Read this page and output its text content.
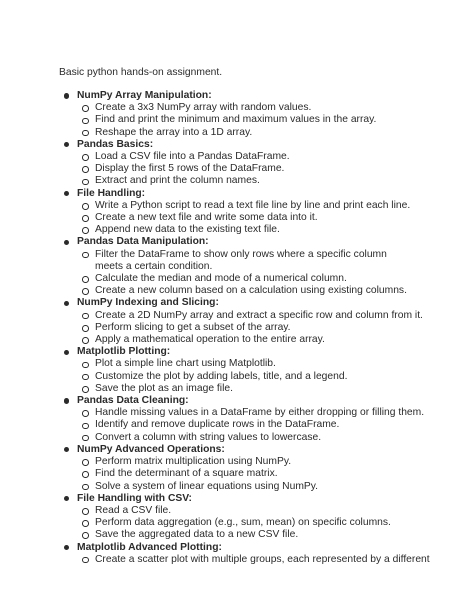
Basic python hands-on assignment.
NumPy Array Manipulation:
Create a 3x3 NumPy array with random values.
Find and print the minimum and maximum values in the array.
Reshape the array into a 1D array.
Pandas Basics:
Load a CSV file into a Pandas DataFrame.
Display the first 5 rows of the DataFrame.
Extract and print the column names.
File Handling:
Write a Python script to read a text file line by line and print each line.
Create a new text file and write some data into it.
Append new data to the existing text file.
Pandas Data Manipulation:
Filter the DataFrame to show only rows where a specific column meets a certain condition.
Calculate the median and mode of a numerical column.
Create a new column based on a calculation using existing columns.
NumPy Indexing and Slicing:
Create a 2D NumPy array and extract a specific row and column from it.
Perform slicing to get a subset of the array.
Apply a mathematical operation to the entire array.
Matplotlib Plotting:
Plot a simple line chart using Matplotlib.
Customize the plot by adding labels, title, and a legend.
Save the plot as an image file.
Pandas Data Cleaning:
Handle missing values in a DataFrame by either dropping or filling them.
Identify and remove duplicate rows in the DataFrame.
Convert a column with string values to lowercase.
NumPy Advanced Operations:
Perform matrix multiplication using NumPy.
Find the determinant of a square matrix.
Solve a system of linear equations using NumPy.
File Handling with CSV:
Read a CSV file.
Perform data aggregation (e.g., sum, mean) on specific columns.
Save the aggregated data to a new CSV file.
Matplotlib Advanced Plotting:
Create a scatter plot with multiple groups, each represented by a different
